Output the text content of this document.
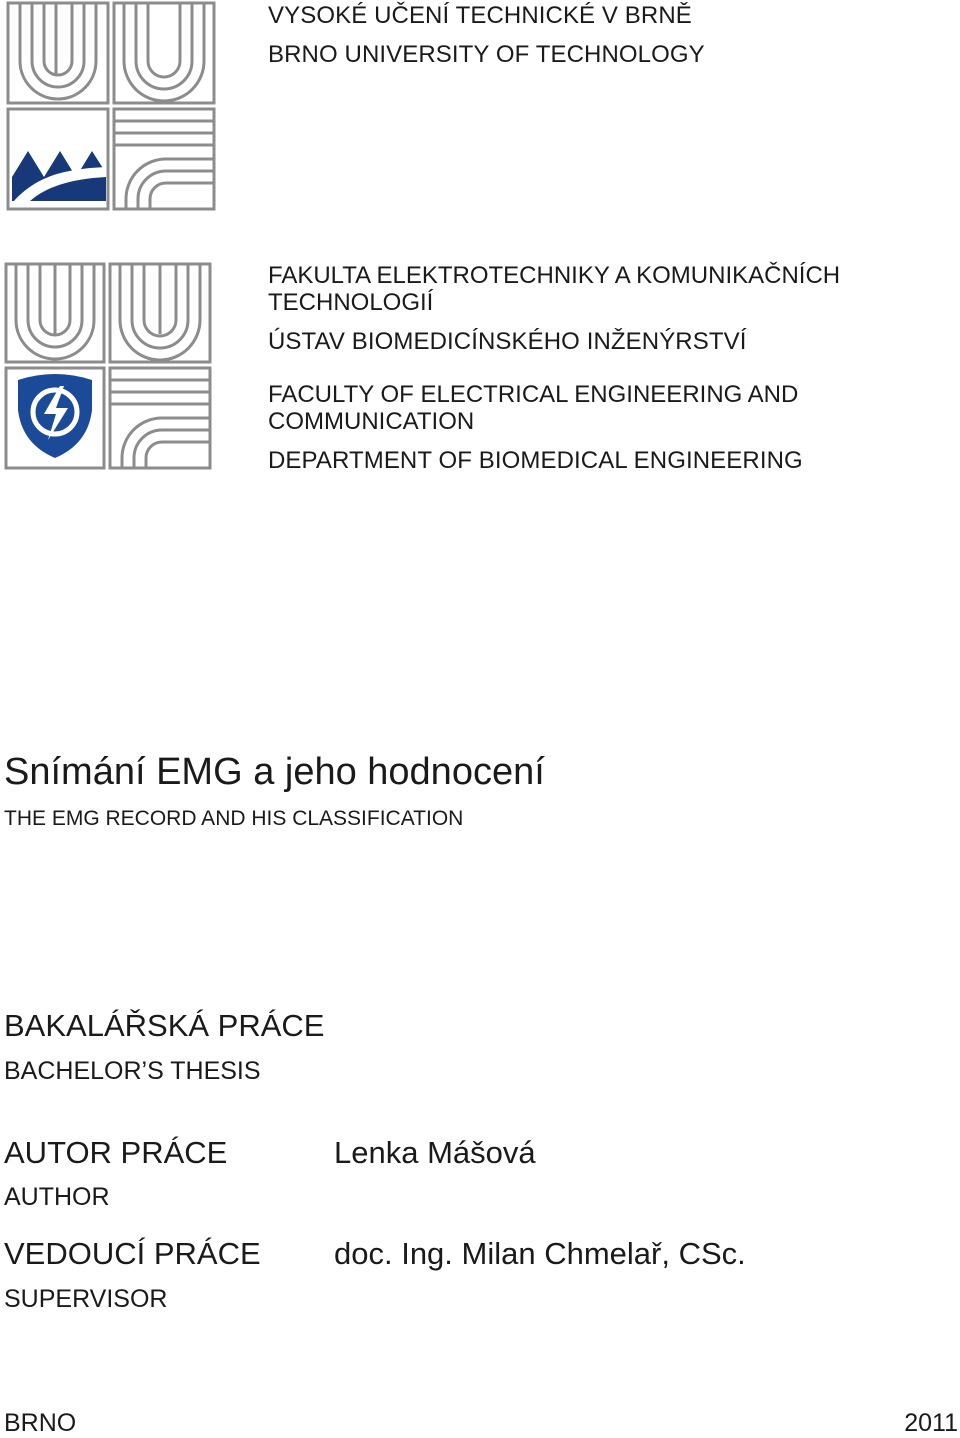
VYSOKÉ UČENÍ TECHNICKÉ V BRNĚ
BRNO UNIVERSITY OF TECHNOLOGY
FAKULTA ELEKTROTECHNIKY A KOMUNIKAČNÍCH TECHNOLOGIÍ
ÚSTAV BIOMEDICÍNSKÉHO INŽENÝRSTVÍ
FACULTY OF ELECTRICAL ENGINEERING AND COMMUNICATION
DEPARTMENT OF BIOMEDICAL ENGINEERING
Snímání EMG a jeho hodnocení
THE EMG RECORD AND HIS CLASSIFICATION
BAKALÁŘSKÁ PRÁCE
BACHELOR’S THESIS
AUTOR PRÁCE
AUTHOR
Lenka Mášová
VEDOUCÍ PRÁCE
SUPERVISOR
doc. Ing. Milan Chmelař, CSc.
BRNO	2011
